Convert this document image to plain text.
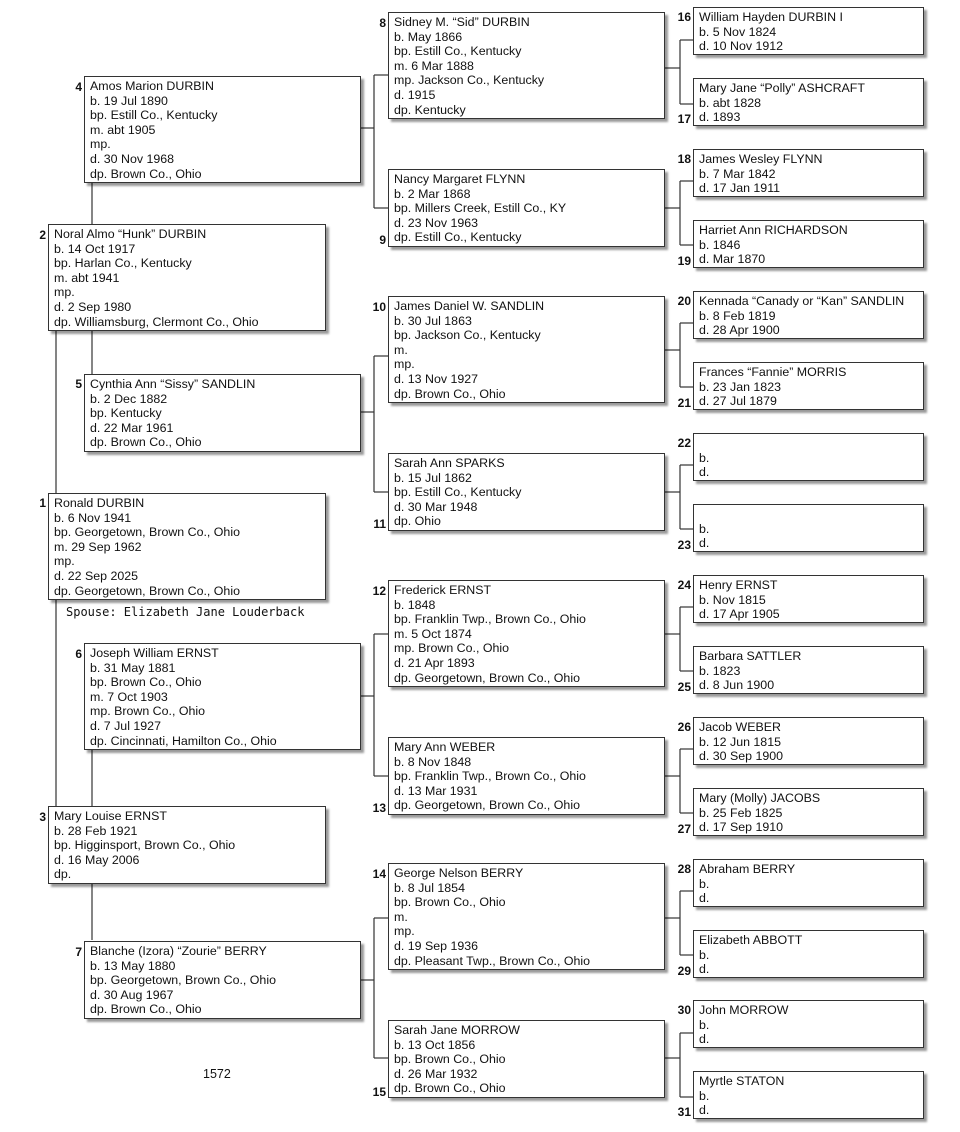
1 Ronald DURBIN
b. 6 Nov 1941
bp. Georgetown, Brown Co., Ohio
m. 29 Sep 1962
mp.
d. 22 Sep 2025
dp. Georgetown, Brown Co., Ohio
Spouse: Elizabeth Jane Louderback
2 Noral Almo “Hunk” DURBIN
b. 14 Oct 1917
bp. Harlan Co., Kentucky
m. abt 1941
mp.
d. 2 Sep 1980
dp. Williamsburg, Clermont Co., Ohio
3 Mary Louise ERNST
b. 28 Feb 1921
bp. Higginsport, Brown Co., Ohio
d. 16 May 2006
dp.
4 Amos Marion DURBIN
b. 19 Jul 1890
bp. Estill Co., Kentucky
m. abt 1905
mp.
d. 30 Nov 1968
dp. Brown Co., Ohio
5 Cynthia Ann “Sissy” SANDLIN
b. 2 Dec 1882
bp. Kentucky
d. 22 Mar 1961
dp. Brown Co., Ohio
6 Joseph William ERNST
b. 31 May 1881
bp. Brown Co., Ohio
m. 7 Oct 1903
mp. Brown Co., Ohio
d. 7 Jul 1927
dp. Cincinnati, Hamilton Co., Ohio
7 Blanche (Izora) “Zourie” BERRY
b. 13 May 1880
bp. Georgetown, Brown Co., Ohio
d. 30 Aug 1967
dp. Brown Co., Ohio
8 Sidney M. “Sid” DURBIN
b. May 1866
bp. Estill Co., Kentucky
m. 6 Mar 1888
mp. Jackson Co., Kentucky
d. 1915
dp. Kentucky
9
Nancy Margaret FLYNN
b. 2 Mar 1868
bp. Millers Creek, Estill Co., KY
d. 23 Nov 1963
dp. Estill Co., Kentucky
10 James Daniel W. SANDLIN
b. 30 Jul 1863
bp. Jackson Co., Kentucky
m.
mp.
d. 13 Nov 1927
dp. Brown Co., Ohio
11
Sarah Ann SPARKS
b. 15 Jul 1862
bp. Estill Co., Kentucky
d. 30 Mar 1948
dp. Ohio
12 Frederick ERNST
b. 1848
bp. Franklin Twp., Brown Co., Ohio
m. 5 Oct 1874
mp. Brown Co., Ohio
d. 21 Apr 1893
dp. Georgetown, Brown Co., Ohio
13
Mary Ann WEBER
b. 8 Nov 1848
bp. Franklin Twp., Brown Co., Ohio
d. 13 Mar 1931
dp. Georgetown, Brown Co., Ohio
14 George Nelson BERRY
b. 8 Jul 1854
bp. Brown Co., Ohio
m.
mp.
d. 19 Sep 1936
dp. Pleasant Twp., Brown Co., Ohio
15
Sarah Jane MORROW
b. 13 Oct 1856
bp. Brown Co., Ohio
d. 26 Mar 1932
dp. Brown Co., Ohio
16 William Hayden DURBIN I
b. 5 Nov 1824
d. 10 Nov 1912
17
Mary Jane “Polly” ASHCRAFT
b. abt 1828
d. 1893
18 James Wesley FLYNN
b. 7 Mar 1842
d. 17 Jan 1911
19
Harriet Ann RICHARDSON
b. 1846
d. Mar 1870
20 Kennada “Canady or “Kan” SANDLIN
b. 8 Feb 1819
d. 28 Apr 1900
21
Frances “Fannie” MORRIS
b. 23 Jan 1823
d. 27 Jul 1879
22

b.
d.
23

b.
d.
24 Henry ERNST
b. Nov 1815
d. 17 Apr 1905
25
Barbara SATTLER
b. 1823
d. 8 Jun 1900
26 Jacob WEBER
b. 12 Jun 1815
d. 30 Sep 1900
27
Mary (Molly) JACOBS
b. 25 Feb 1825
d. 17 Sep 1910
28 Abraham BERRY
b.
d.
29
Elizabeth ABBOTT
b.
d.
30 John MORROW
b.
d.
31
Myrtle STATON
b.
d.
1572
